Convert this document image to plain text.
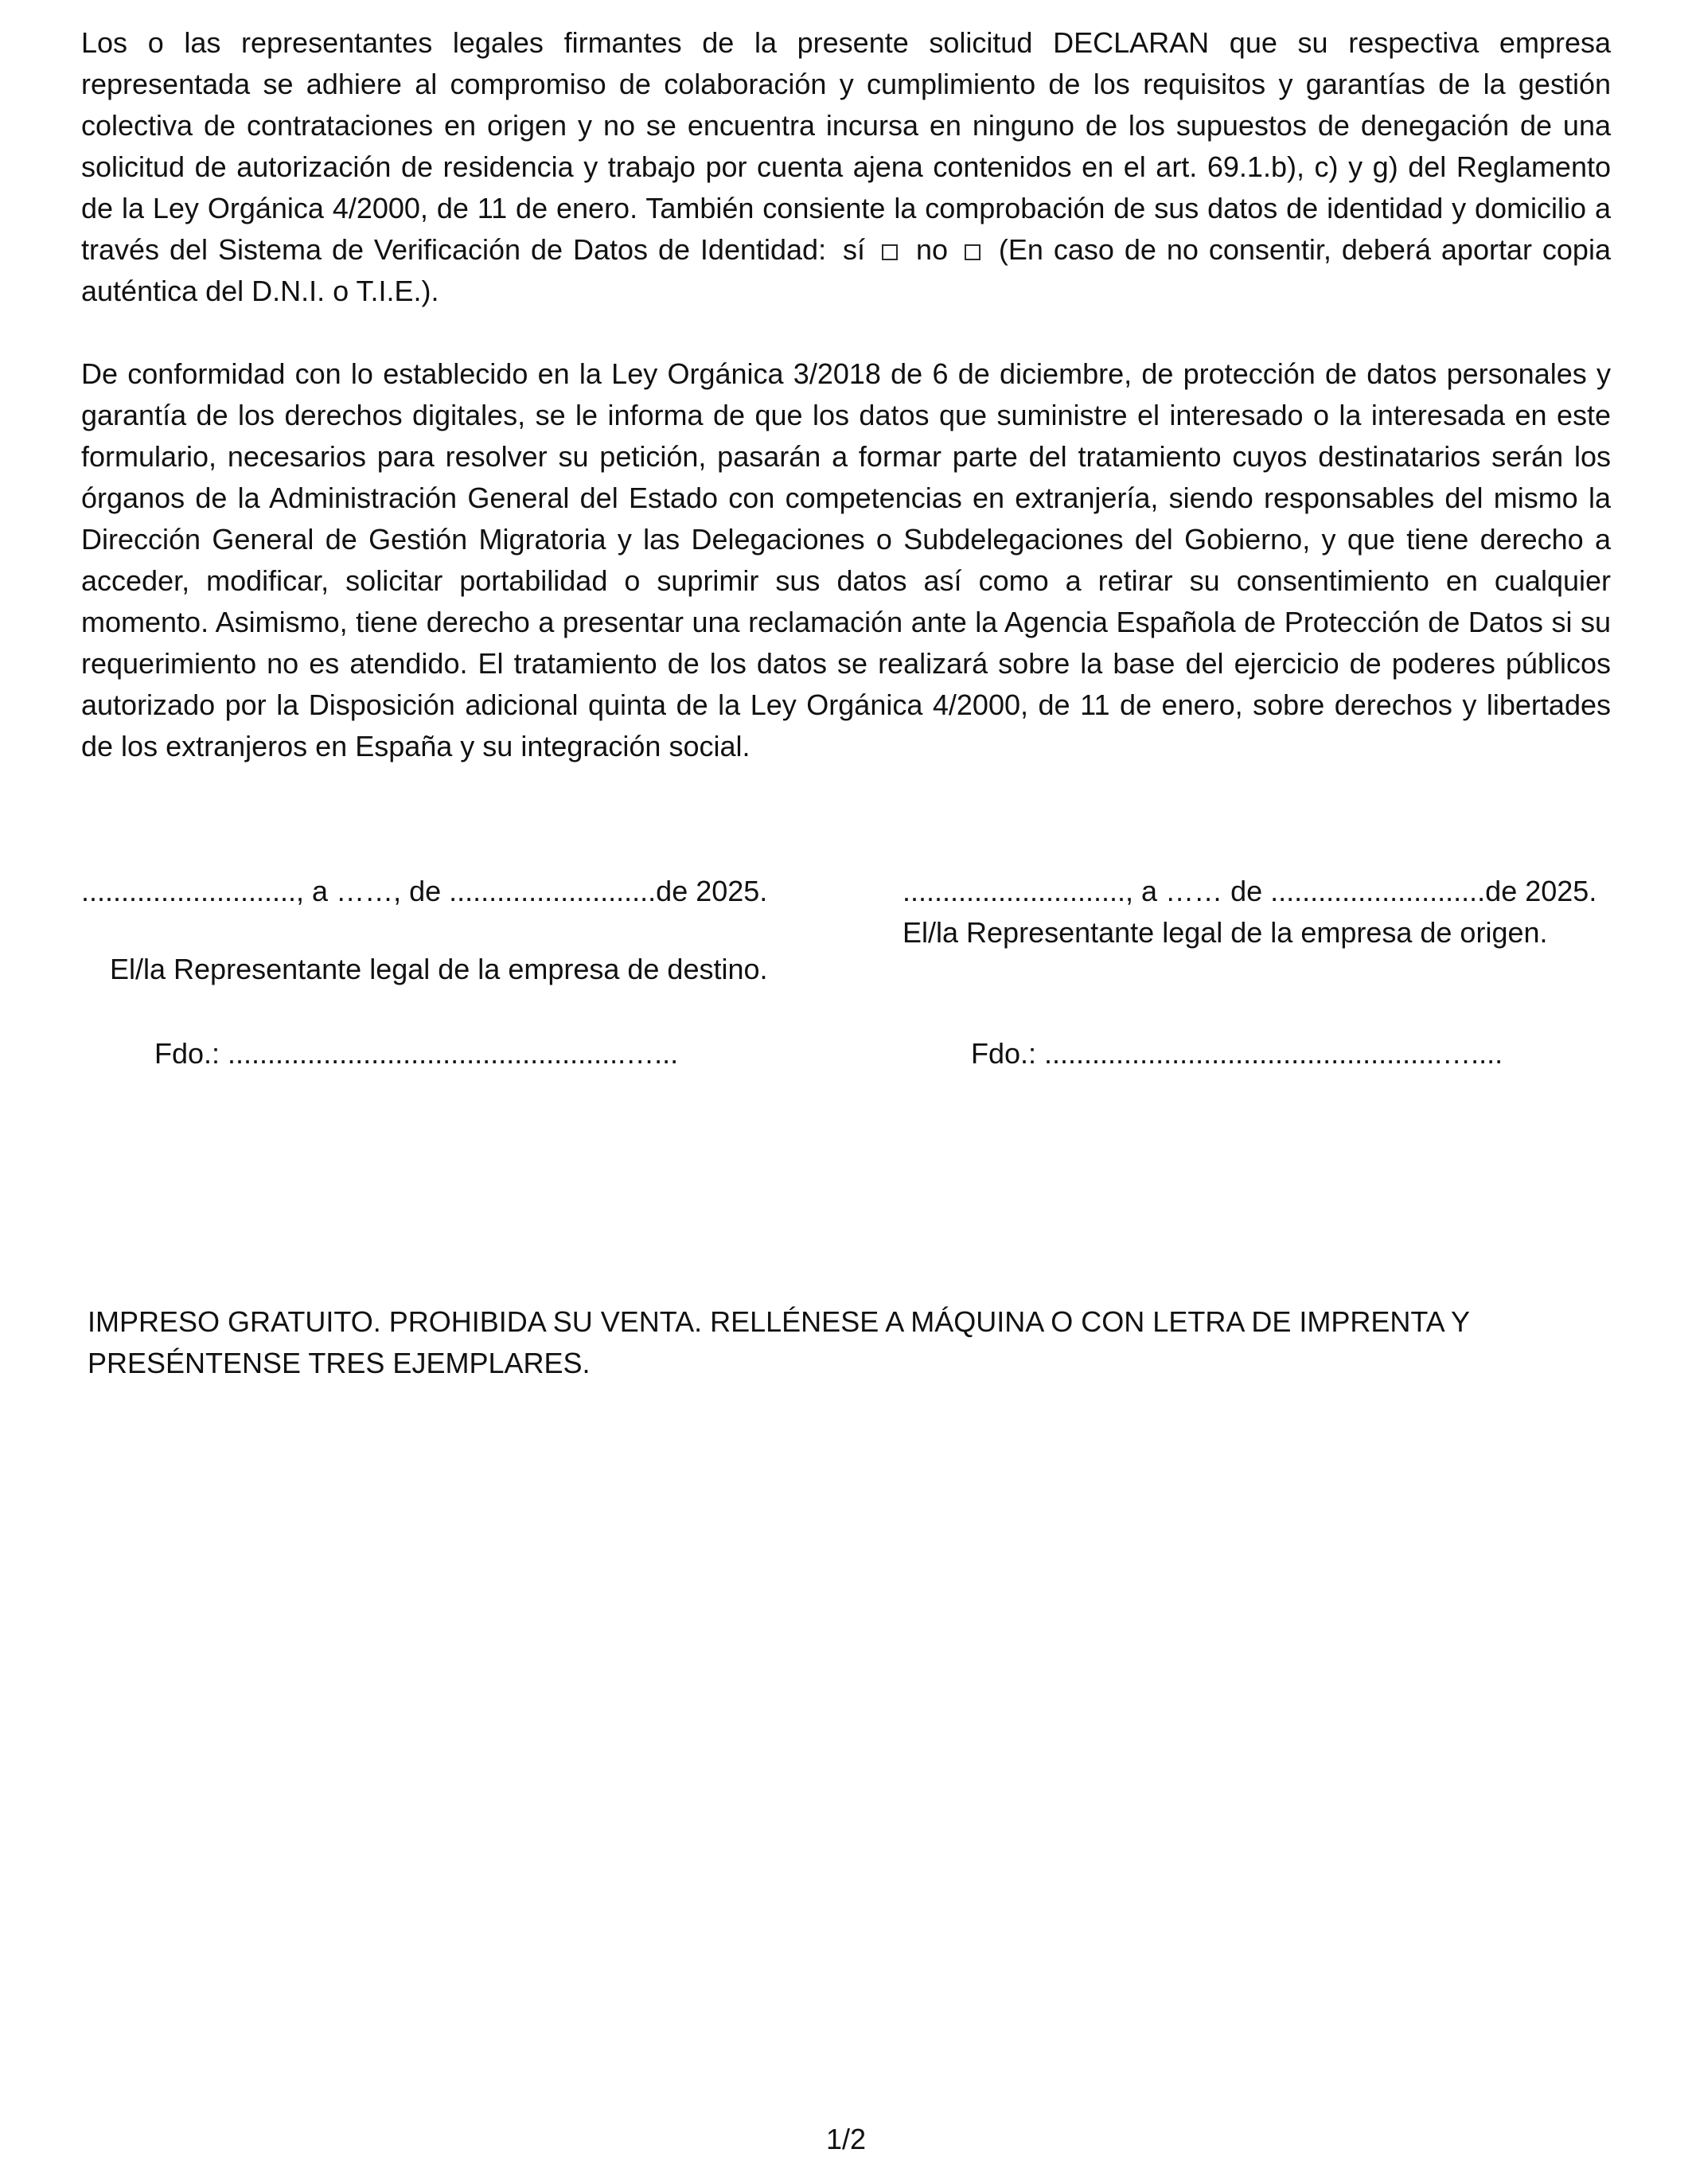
Los o las representantes legales firmantes de la presente solicitud DECLARAN que su respectiva empresa representada se adhiere al compromiso de colaboración y cumplimiento de los requisitos y garantías de la gestión colectiva de contrataciones en origen y no se encuentra incursa en ninguno de los supuestos de denegación de una solicitud de autorización de residencia y trabajo por cuenta ajena contenidos en el art. 69.1.b), c) y g) del Reglamento de la Ley Orgánica 4/2000, de 11 de enero. También consiente la comprobación de sus datos de identidad y domicilio a través del Sistema de Verificación de Datos de Identidad: sí no (En caso de no consentir, deberá aportar copia auténtica del D.N.I. o T.I.E.).

De conformidad con lo establecido en la Ley Orgánica 3/2018 de 6 de diciembre, de protección de datos personales y garantía de los derechos digitales, se le informa de que los datos que suministre el interesado o la interesada en este formulario, necesarios para resolver su petición, pasarán a formar parte del tratamiento cuyos destinatarios serán los órganos de la Administración General del Estado con competencias en extranjería, siendo responsables del mismo la Dirección General de Gestión Migratoria y las Delegaciones o Subdelegaciones del Gobierno, y que tiene derecho a acceder, modificar, solicitar portabilidad o suprimir sus datos así como a retirar su consentimiento en cualquier momento. Asimismo, tiene derecho a presentar una reclamación ante la Agencia Española de Protección de Datos si su requerimiento no es atendido. El tratamiento de los datos se realizará sobre la base del ejercicio de poderes públicos autorizado por la Disposición adicional quinta de la Ley Orgánica 4/2000, de 11 de enero, sobre derechos y libertades de los extranjeros en España y su integración social.

..........................., a ……, de ..........................de 2025.
El/la Representante legal de la empresa de destino.
Fdo.: ..................................................…...
............................, a …… de ...........................de 2025.
El/la Representante legal de la empresa de origen.
Fdo.: ..................................................…....

IMPRESO GRATUITO. PROHIBIDA SU VENTA. RELLÉNESE A MÁQUINA O CON LETRA DE IMPRENTA Y PRESÉNTENSE TRES EJEMPLARES.

1/2
